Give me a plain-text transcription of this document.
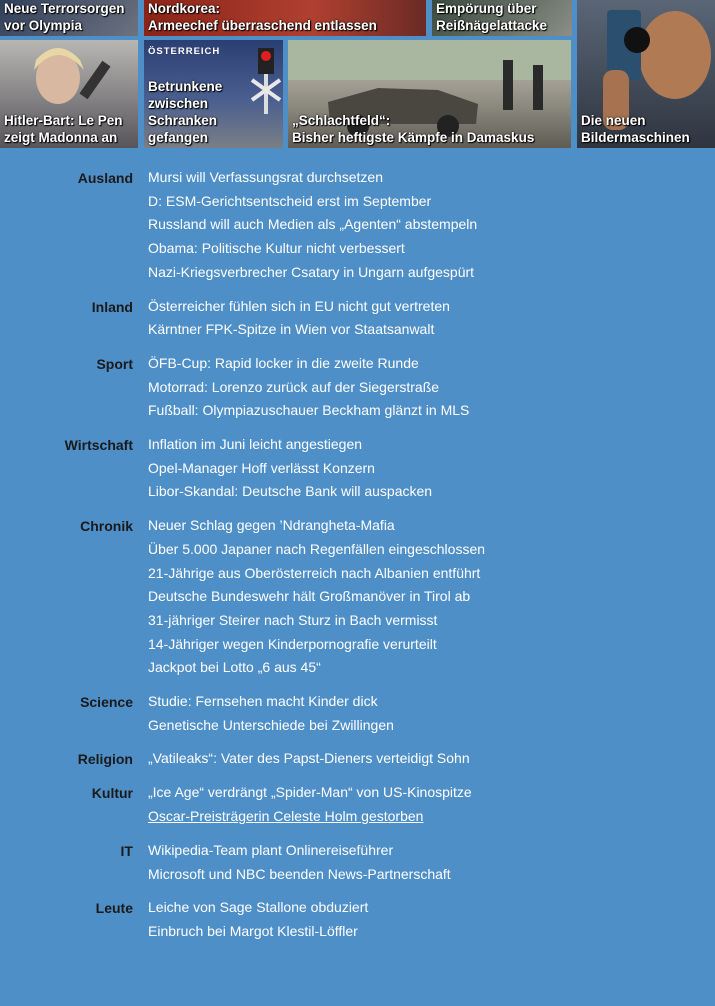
Neue Terrorsorgen
vor Olympia
Nordkorea:
Armeechef überraschend entlassen
Empörung über
Reißnägelattacke
Die neuen
Bildermaschinen
Hitler-Bart: Le Pen
zeigt Madonna an
ÖSTERREICH
Betrunkene zwischen
Schranken gefangen
„Schlachtfeld“:
Bisher heftigste Kämpfe in Damaskus
Ausland	Mursi will Verfassungsrat durchsetzen
D: ESM-Gerichtsentscheid erst im September
Russland will auch Medien als „Agenten“ abstempeln
Obama: Politische Kultur nicht verbessert
Nazi-Kriegsverbrecher Csatary in Ungarn aufgespürt
Inland	Österreicher fühlen sich in EU nicht gut vertreten
Kärntner FPK-Spitze in Wien vor Staatsanwalt
Sport	ÖFB-Cup: Rapid locker in die zweite Runde
Motorrad: Lorenzo zurück auf der Siegerstraße
Fußball: Olympiazuschauer Beckham glänzt in MLS
Wirtschaft	Inflation im Juni leicht angestiegen
Opel-Manager Hoff verlässt Konzern
Libor-Skandal: Deutsche Bank will auspacken
Chronik	Neuer Schlag gegen ’Ndrangheta-Mafia
Über 5.000 Japaner nach Regenfällen eingeschlossen
21-Jährige aus Oberösterreich nach Albanien entführt
Deutsche Bundeswehr hält Großmanöver in Tirol ab
31-jähriger Steirer nach Sturz in Bach vermisst
14-Jähriger wegen Kinderpornografie verurteilt
Jackpot bei Lotto „6 aus 45“
Science	Studie: Fernsehen macht Kinder dick
Genetische Unterschiede bei Zwillingen
Religion	„Vatileaks“: Vater des Papst-Dieners verteidigt Sohn
Kultur	„Ice Age“ verdrängt „Spider-Man“ von US-Kinospitze
Oscar-Preisträgerin Celeste Holm gestorben
IT	Wikipedia-Team plant Onlinereiseführer
Microsoft und NBC beenden News-Partnerschaft
Leute	Leiche von Sage Stallone obduziert
Einbruch bei Margot Klestil-Löffler
